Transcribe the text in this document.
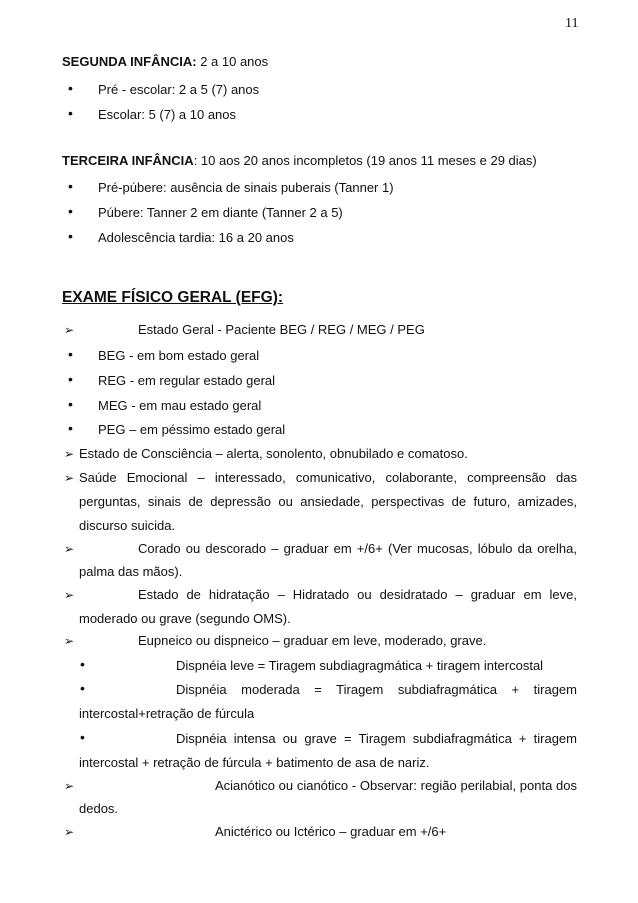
11
SEGUNDA INFÂNCIA: 2 a 10 anos
• Pré - escolar: 2 a 5 (7) anos
• Escolar: 5 (7) a 10 anos
TERCEIRA INFÂNCIA: 10 aos 20 anos incompletos (19 anos 11 meses e 29 dias)
• Pré-púbere: ausência de sinais puberais (Tanner 1)
• Púbere: Tanner 2 em diante (Tanner 2 a 5)
• Adolescência tardia: 16 a 20 anos
EXAME FÍSICO GERAL (EFG):
➢	Estado Geral - Paciente BEG / REG / MEG / PEG
• BEG - em bom estado geral
• REG - em regular estado geral
• MEG - em mau estado geral
• PEG – em péssimo estado geral
➢ Estado de Consciência – alerta, sonolento, obnubilado e comatoso.
➢ Saúde Emocional – interessado, comunicativo, colaborante, compreensão das
perguntas, sinais de depressão ou ansiedade, perspectivas de futuro, amizades,
discurso suicida.
➢	Corado ou descorado – graduar em +/6+ (Ver mucosas, lóbulo da orelha,
palma das mãos).
➢	Estado de hidratação – Hidratado ou desidratado – graduar em leve,
moderado ou grave (segundo OMS).
➢	Eupneico ou dispneico – graduar em leve, moderado, grave.
•	Dispnéia leve = Tiragem subdiagragmática + tiragem intercostal
•	Dispnéia moderada = Tiragem subdiafragmática + tiragem
intercostal+retração de fúrcula
•	Dispnéia intensa ou grave = Tiragem subdiafragmática + tiragem
intercostal + retração de fúrcula + batimento de asa de nariz.
➢	Acianótico ou cianótico - Observar: região perilabial, ponta dos
dedos.
➢	Anictérico ou Ictérico – graduar em +/6+
